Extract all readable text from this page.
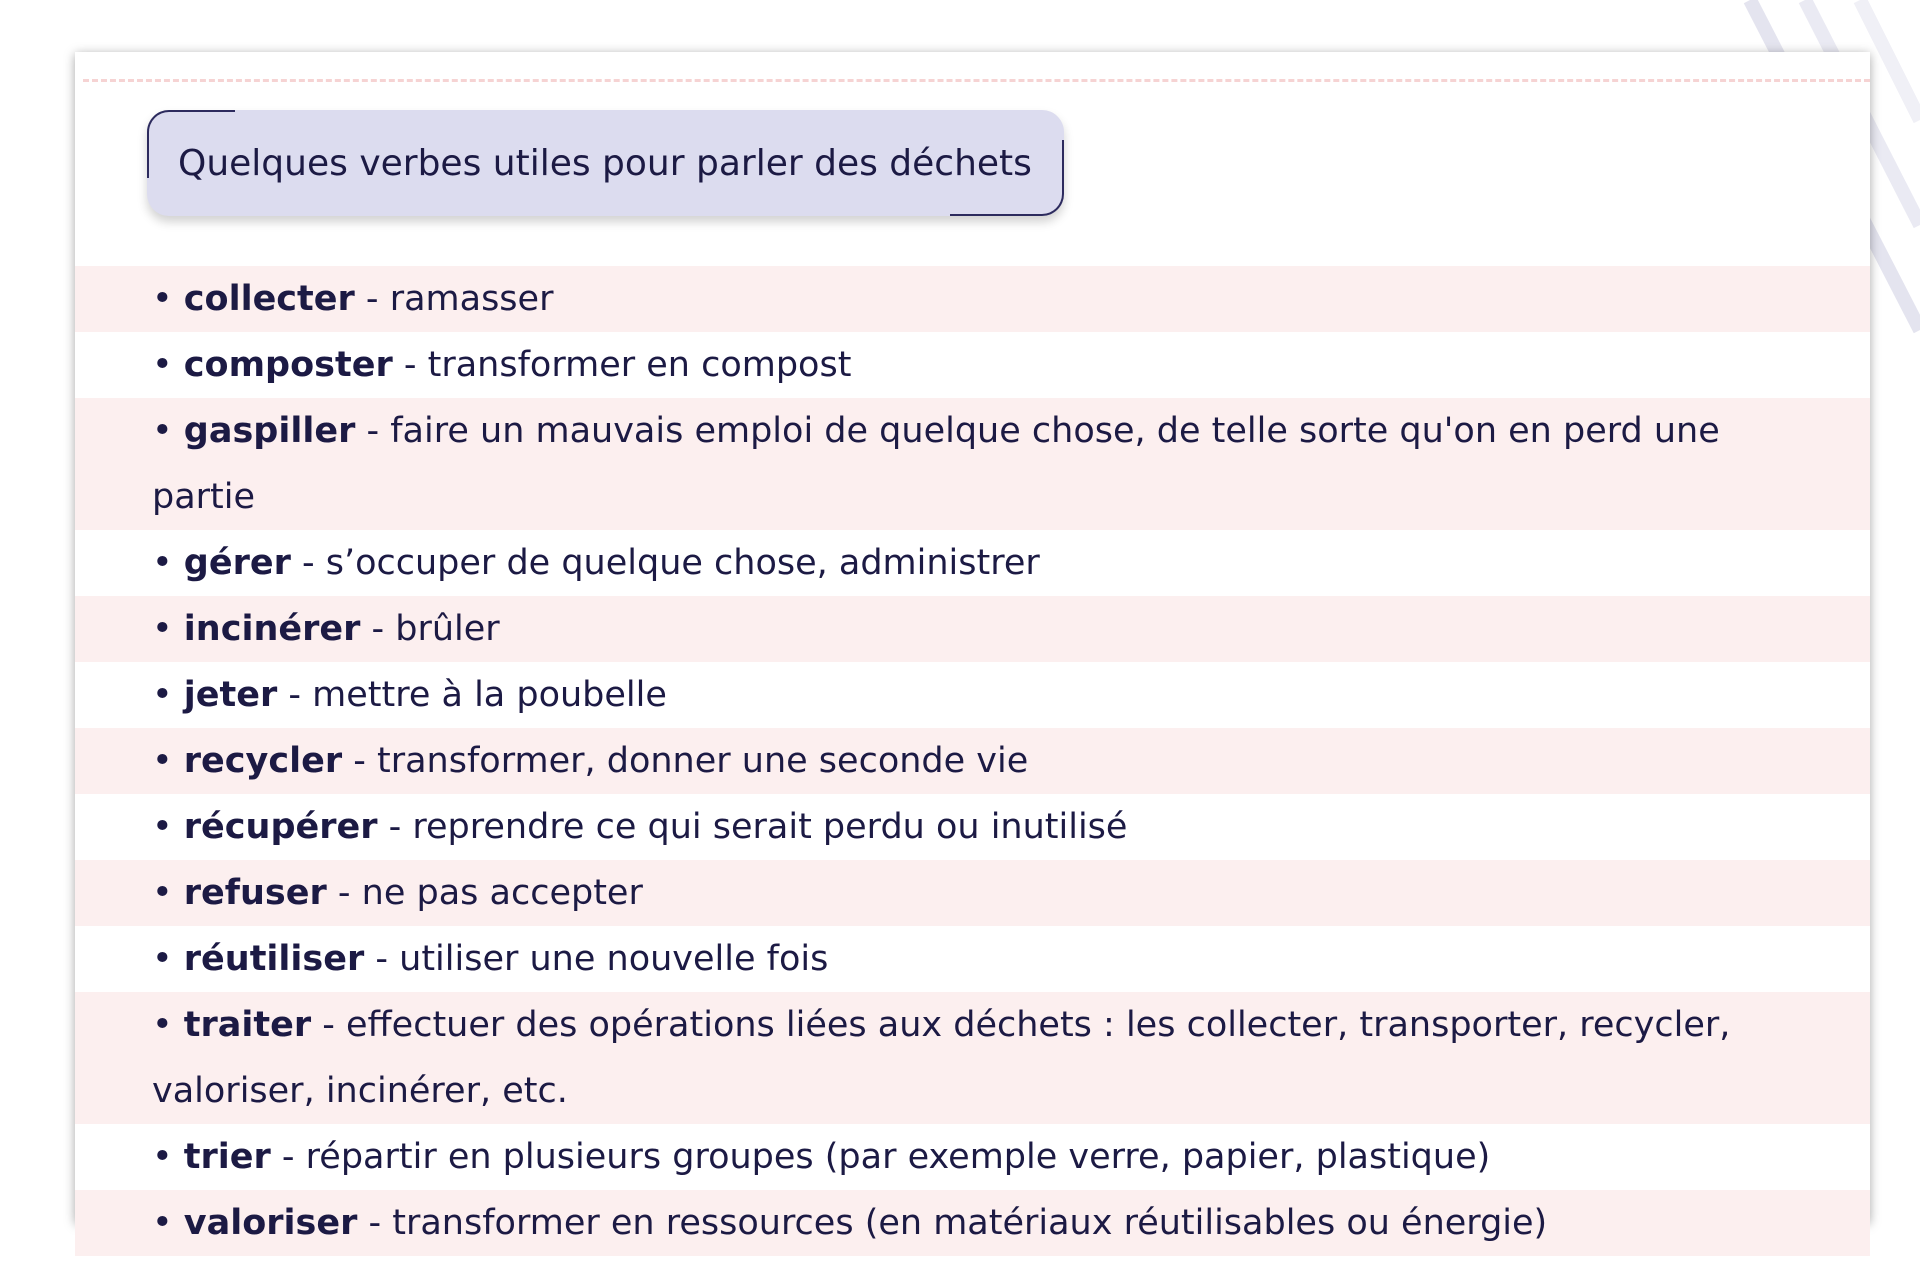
Quelques verbes utiles pour parler des déchets
• collecter - ramasser
• composter - transformer en compost
• gaspiller - faire un mauvais emploi de quelque chose, de telle sorte qu'on en perd une partie
• gérer - s’occuper de quelque chose, administrer
• incinérer - brûler
• jeter - mettre à la poubelle
• recycler - transformer, donner une seconde vie
• récupérer - reprendre ce qui serait perdu ou inutilisé
• refuser - ne pas accepter
• réutiliser - utiliser une nouvelle fois
• traiter - effectuer des opérations liées aux déchets : les collecter, transporter, recycler, valoriser, incinérer, etc.
• trier - répartir en plusieurs groupes (par exemple verre, papier, plastique)
• valoriser - transformer en ressources (en matériaux réutilisables ou énergie)
